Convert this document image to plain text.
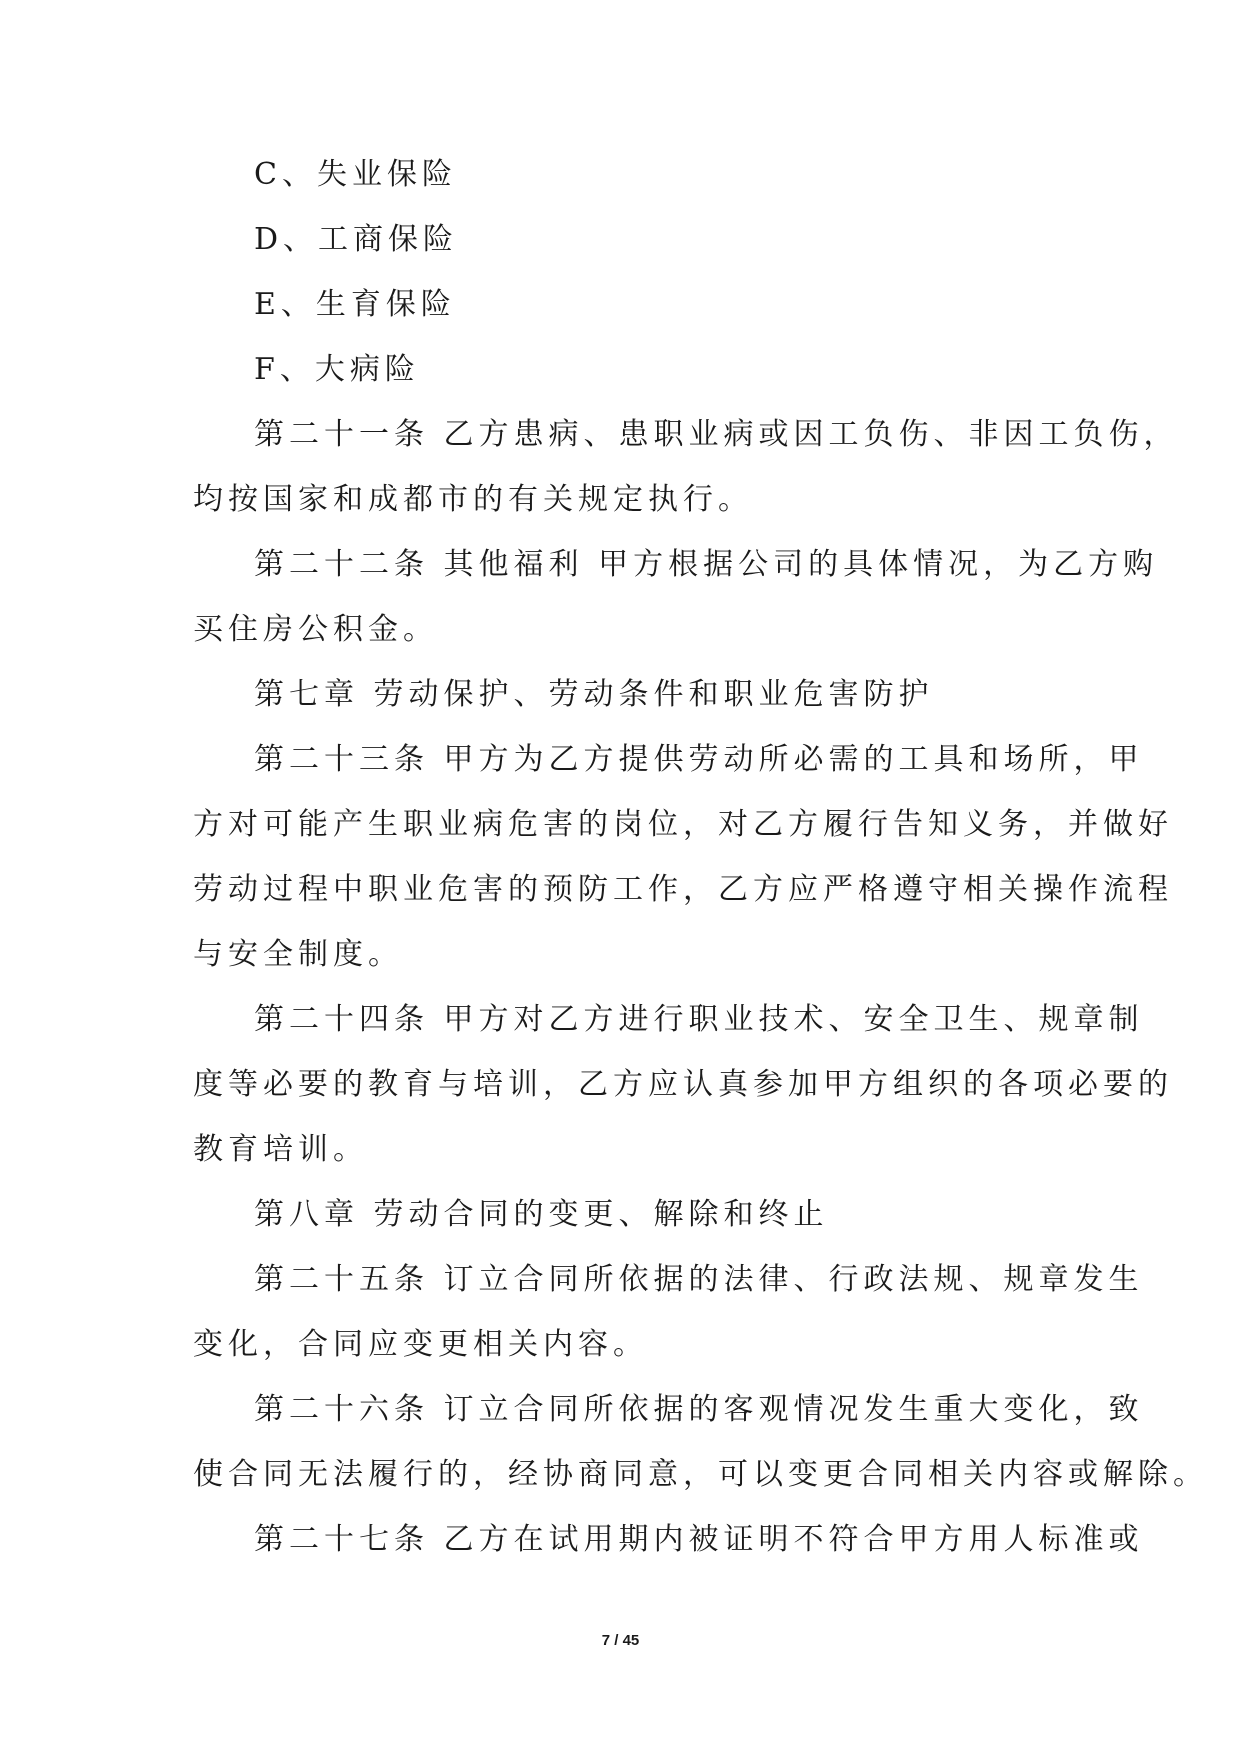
C、失业保险
D、工商保险
E、生育保险
F、大病险
第二十一条 乙方患病、患职业病或因工负伤、非因工负伤，
均按国家和成都市的有关规定执行。
第二十二条 其他福利 甲方根据公司的具体情况，为乙方购
买住房公积金。
第七章 劳动保护、劳动条件和职业危害防护
第二十三条 甲方为乙方提供劳动所必需的工具和场所，甲
方对可能产生职业病危害的岗位，对乙方履行告知义务，并做好
劳动过程中职业危害的预防工作，乙方应严格遵守相关操作流程
与安全制度。
第二十四条 甲方对乙方进行职业技术、安全卫生、规章制
度等必要的教育与培训，乙方应认真参加甲方组织的各项必要的
教育培训。
第八章 劳动合同的变更、解除和终止
第二十五条 订立合同所依据的法律、行政法规、规章发生
变化，合同应变更相关内容。
第二十六条 订立合同所依据的客观情况发生重大变化，致
使合同无法履行的，经协商同意，可以变更合同相关内容或解除。
第二十七条 乙方在试用期内被证明不符合甲方用人标准或
7 / 45
